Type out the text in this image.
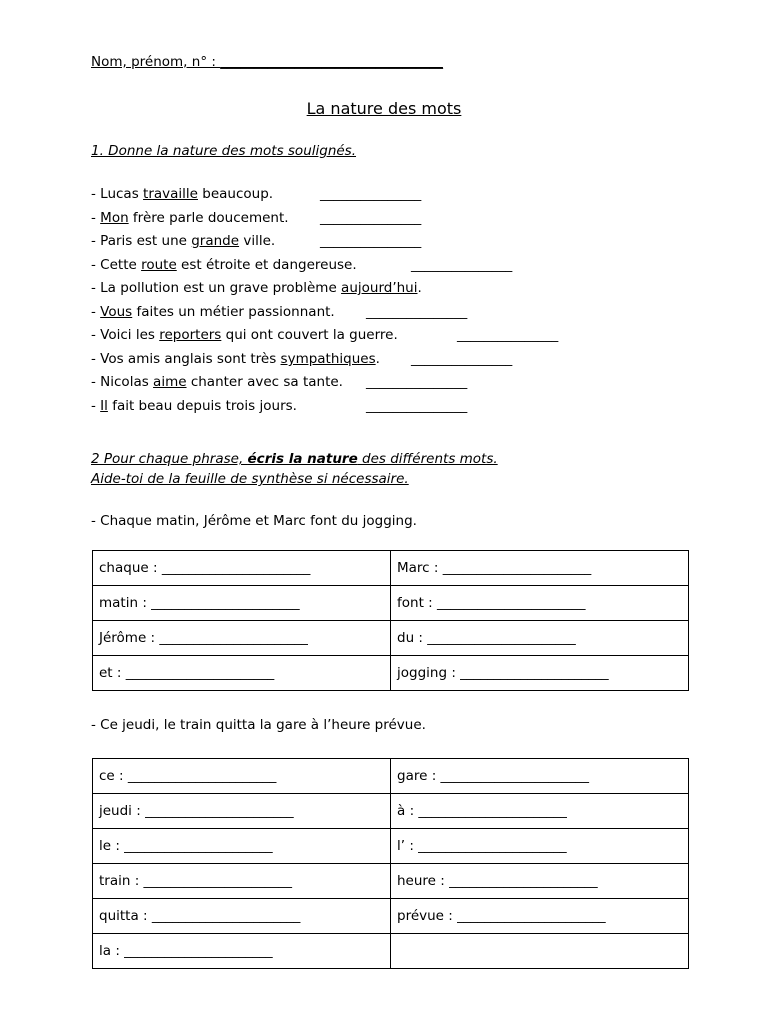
Nom, prénom, n° : _________________________________
La nature des mots
1. Donne la nature des mots soulignés.
- Lucas travaille beaucoup.	_______________
- Mon frère parle doucement. _______________
- Paris est une grande ville.	_______________
- Cette route est étroite et dangereuse.	_______________
- La pollution est un grave problème aujourd’hui.
- Vous faites un métier passionnant. _______________
- Voici les reporters qui ont couvert la guerre.	_______________
- Vos amis anglais sont très sympathiques. _______________
- Nicolas aime chanter avec sa tante. _______________
- Il fait beau depuis trois jours.	_______________
2 Pour chaque phrase, écris la nature des différents mots.
Aide-toi de la feuille de synthèse si nécessaire.
- Chaque matin, Jérôme et Marc font du jogging.
chaque : ______________________	Marc : ______________________
matin : ______________________	font : ______________________
Jérôme : ______________________	du : ______________________
et : ______________________	jogging : ______________________
- Ce jeudi, le train quitta la gare à l’heure prévue.
ce : ______________________	gare : ______________________
jeudi : ______________________	à : ______________________
le : ______________________	l’ : ______________________
train : ______________________	heure : ______________________
quitta : ______________________	prévue : ______________________
la : ______________________	
